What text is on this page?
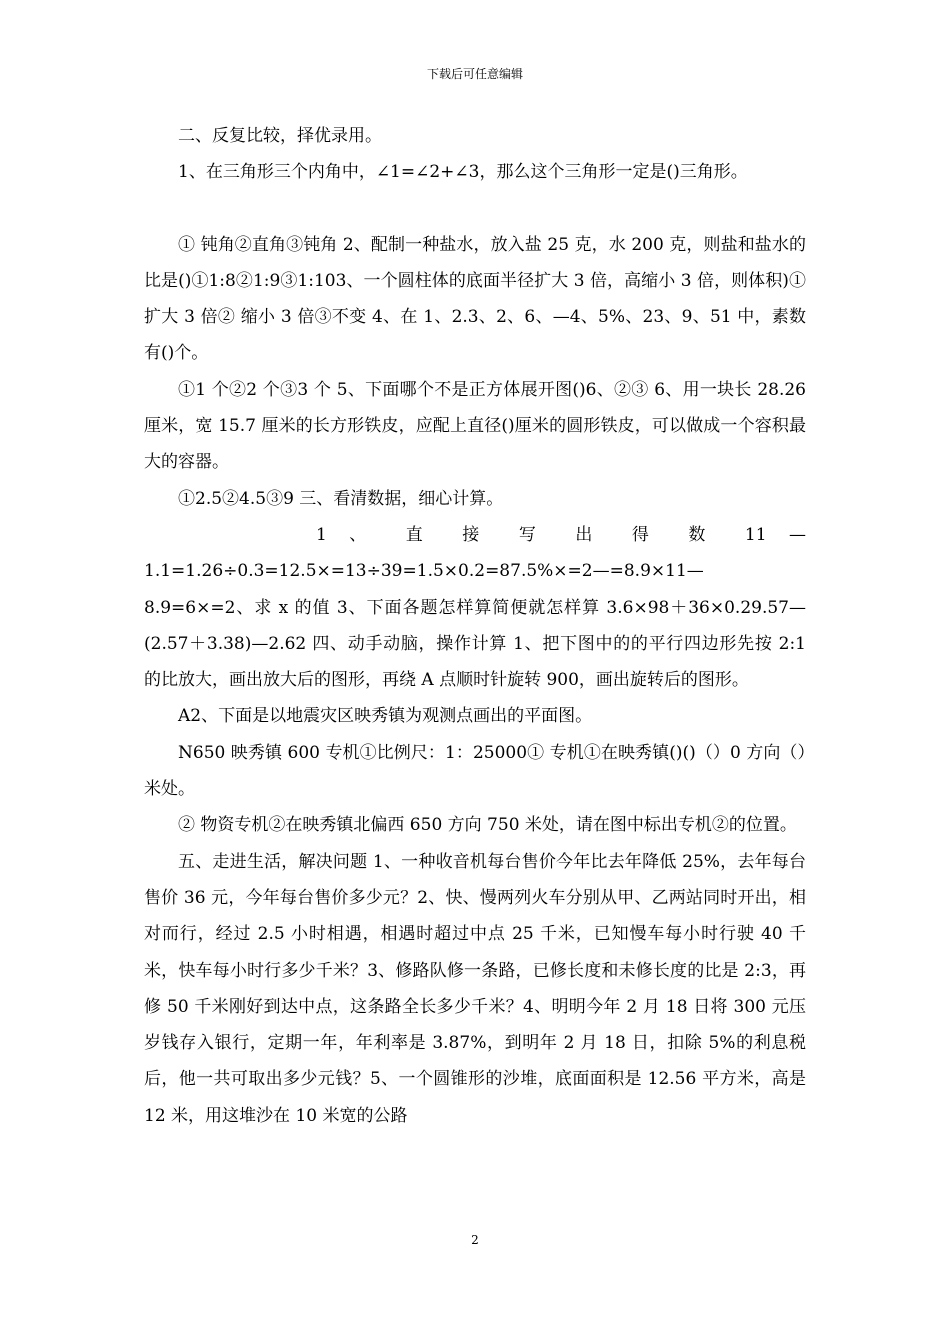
下载后可任意编辑

二、反复比较，择优录用。

1、在三角形三个内角中，∠1=∠2+∠3，那么这个三角形一定是()三角形。

① 钝角②直角③钝角 2、配制一种盐水，放入盐 25 克，水 200 克，则盐和盐水的比是()①1:8②1:9③1:103、一个圆柱体的底面半径扩大 3 倍，高缩小 3 倍，则体积)① 扩大 3 倍② 缩小 3 倍③不变 4、在 1、2.3、2、6、—4、5%、23、9、51 中，素数有()个。

①1 个②2 个③3 个 5、下面哪个不是正方体展开图()6、②③ 6、用一块长 28.26 厘米，宽 15.7 厘米的长方形铁皮，应配上直径()厘米的圆形铁皮，可以做成一个容积最大的容器。

①2.5②4.5③9 三、看清数据，细心计算。

1 、 直 接 写 出 得 数 11 —

1.1=1.26÷0.3=12.5×=13÷39=1.5×0.2=87.5%×=2—=8.9×11—8.9=6×=2、求 x 的值 3、下面各题怎样算简便就怎样算 3.6×98＋36×0.29.57—(2.57＋3.38)—2.62 四、动手动脑，操作计算 1、把下图中的的平行四边形先按 2:1 的比放大，画出放大后的图形，再绕 A 点顺时针旋转 900，画出旋转后的图形。

A2、下面是以地震灾区映秀镇为观测点画出的平面图。

N650 映秀镇 600 专机①比例尺：1：25000① 专机①在映秀镇()()（）0 方向（）米处。

② 物资专机②在映秀镇北偏西 650 方向 750 米处，请在图中标出专机②的位置。

五、走进生活，解决问题 1、一种收音机每台售价今年比去年降低 25%，去年每台售价 36 元，今年每台售价多少元？2、快、慢两列火车分别从甲、乙两站同时开出，相对而行，经过 2.5 小时相遇，相遇时超过中点 25 千米，已知慢车每小时行驶 40 千米，快车每小时行多少千米？3、修路队修一条路，已修长度和未修长度的比是 2:3，再修 50 千米刚好到达中点，这条路全长多少千米？4、明明今年 2 月 18 日将 300 元压岁钱存入银行，定期一年，年利率是 3.87%，到明年 2 月 18 日，扣除 5%的利息税后，他一共可取出多少元钱？5、一个圆锥形的沙堆，底面面积是 12.56 平方米，高是 12 米，用这堆沙在 10 米宽的公路

2
